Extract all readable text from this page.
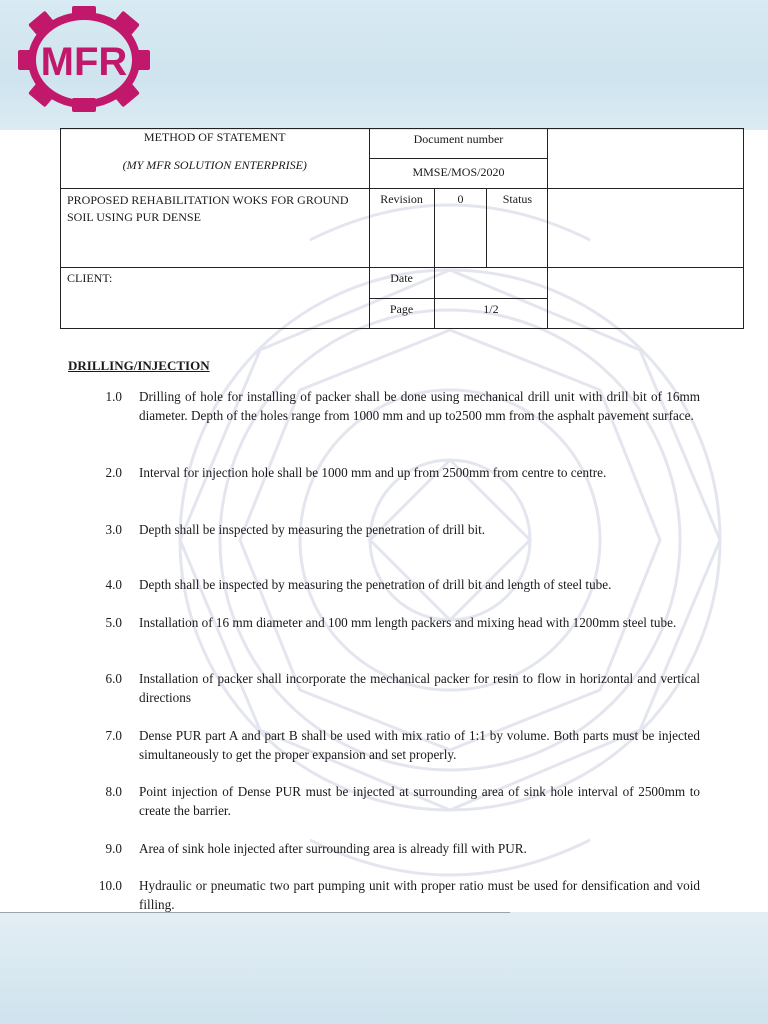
MFR
METHOD OF STATEMENT
(MY MFR SOLUTION ENTERPRISE)	Document number			

	MMSE/MOS/2020			

PROPOSED REHABILITATION WOKS FOR GROUND SOIL USING PUR DENSE	Revision	0	Status	

CLIENT:	Date			

	Page	1/2		
DRILLING/INJECTION
1.0 Drilling of hole for installing of packer shall be done using mechanical drill unit with drill bit of 16mm diameter. Depth of the holes range from 1000 mm and up to2500 mm from the asphalt pavement surface.
2.0 Interval for injection hole shall be 1000 mm and up from 2500mm from centre to centre.
3.0 Depth shall be inspected by measuring the penetration of drill bit.
4.0 Depth shall be inspected by measuring the penetration of drill bit and length of steel tube.
5.0 Installation of 16 mm diameter and 100 mm length packers and mixing head with 1200mm steel tube.
6.0 Installation of packer shall incorporate the mechanical packer for resin to flow in horizontal and vertical directions
7.0 Dense PUR part A and part B shall be used with mix ratio of 1:1 by volume. Both parts must be injected simultaneously to get the proper expansion and set properly.
8.0 Point injection of Dense PUR must be injected at surrounding area of sink hole interval of 2500mm to create the barrier.
9.0 Area of sink hole injected after surrounding area is already fill with PUR.
10.0 Hydraulic or pneumatic two part pumping unit with proper ratio must be used for densification and void filling.
